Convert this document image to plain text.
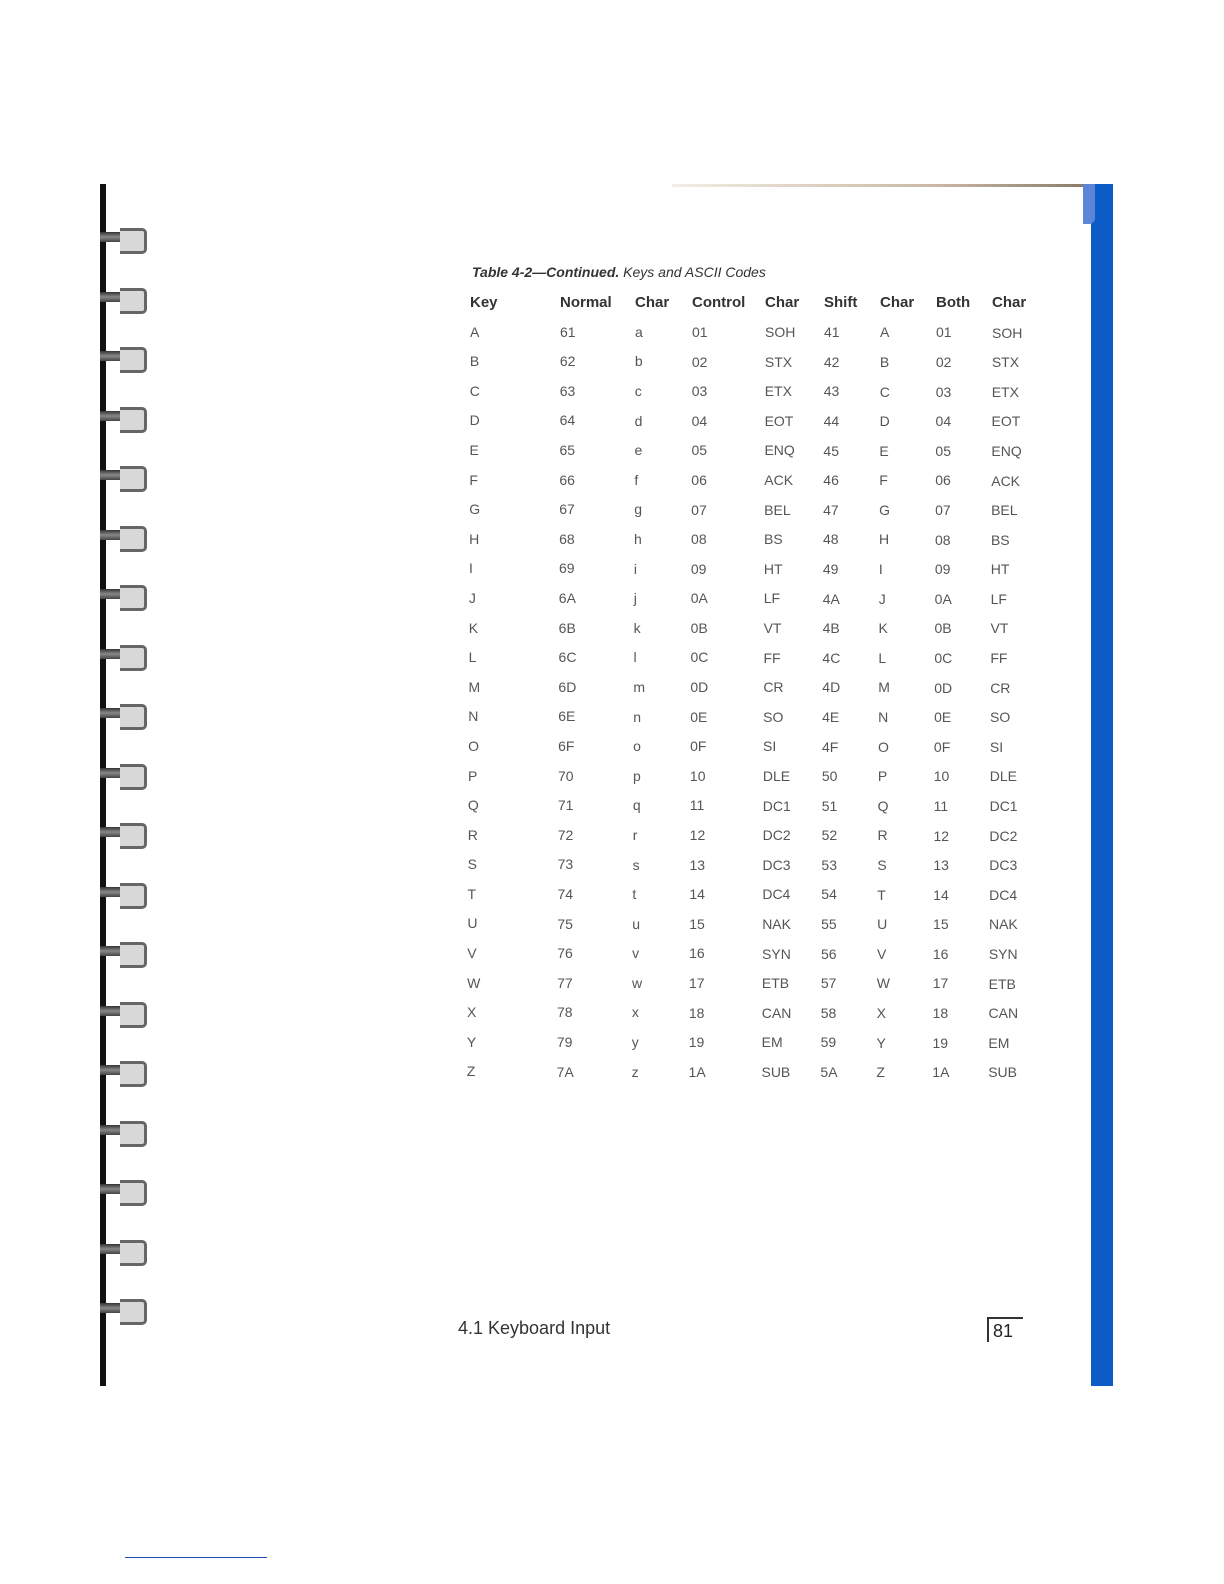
Table 4-2—Continued. Keys and ASCII Codes
Key	Normal Char Control Char Shift Char Both Char
A	61	a	01	SOH 41	A	01	SOH
B	62	b	02	STX 42	B	02	STX
C	63	c	03	ETX 43	C	03	ETX
D	64	d	04	EOT 44	D	04	EOT
E	65	e	05	ENQ 45	E	05	ENQ
F	66	f	06	ACK 46	F	06	ACK
G	67	g	07	BEL 47	G	07	BEL
H	68	h	08	BS	48	H	08	BS
I	69	i	09	HT	49	I	09	HT
J	6A	j	0A	LF	4A	J	0A	LF
K	6B	k	0B	VT	4B	K	0B	VT
L	6C	l	0C	FF	4C	L	0C	FF
M	6D	m	0D	CR	4D	M	0D	CR
N	6E	n	0E	SO	4E	N	0E	SO
O	6F	o	0F	SI	4F	O	0F	SI
P	70	p	10	DLE 50	P	10	DLE
Q	71	q	11	DC1 51	Q	11	DC1
R	72	r	12	DC2 52	R	12	DC2
S	73	s	13	DC3 53	S	13	DC3
T	74	t	14	DC4 54	T	14	DC4
U	75	u	15	NAK 55	U	15	NAK
V	76	v	16	SYN 56	V	16	SYN
W	77	w	17	ETB 57	W	17	ETB
X	78	x	18	CAN 58	X	18	CAN
Y	79	y	19	EM	59	Y	19	EM
Z	7A	z	1A	SUB 5A	Z	1A	SUB
4.1 Keyboard Input	81
